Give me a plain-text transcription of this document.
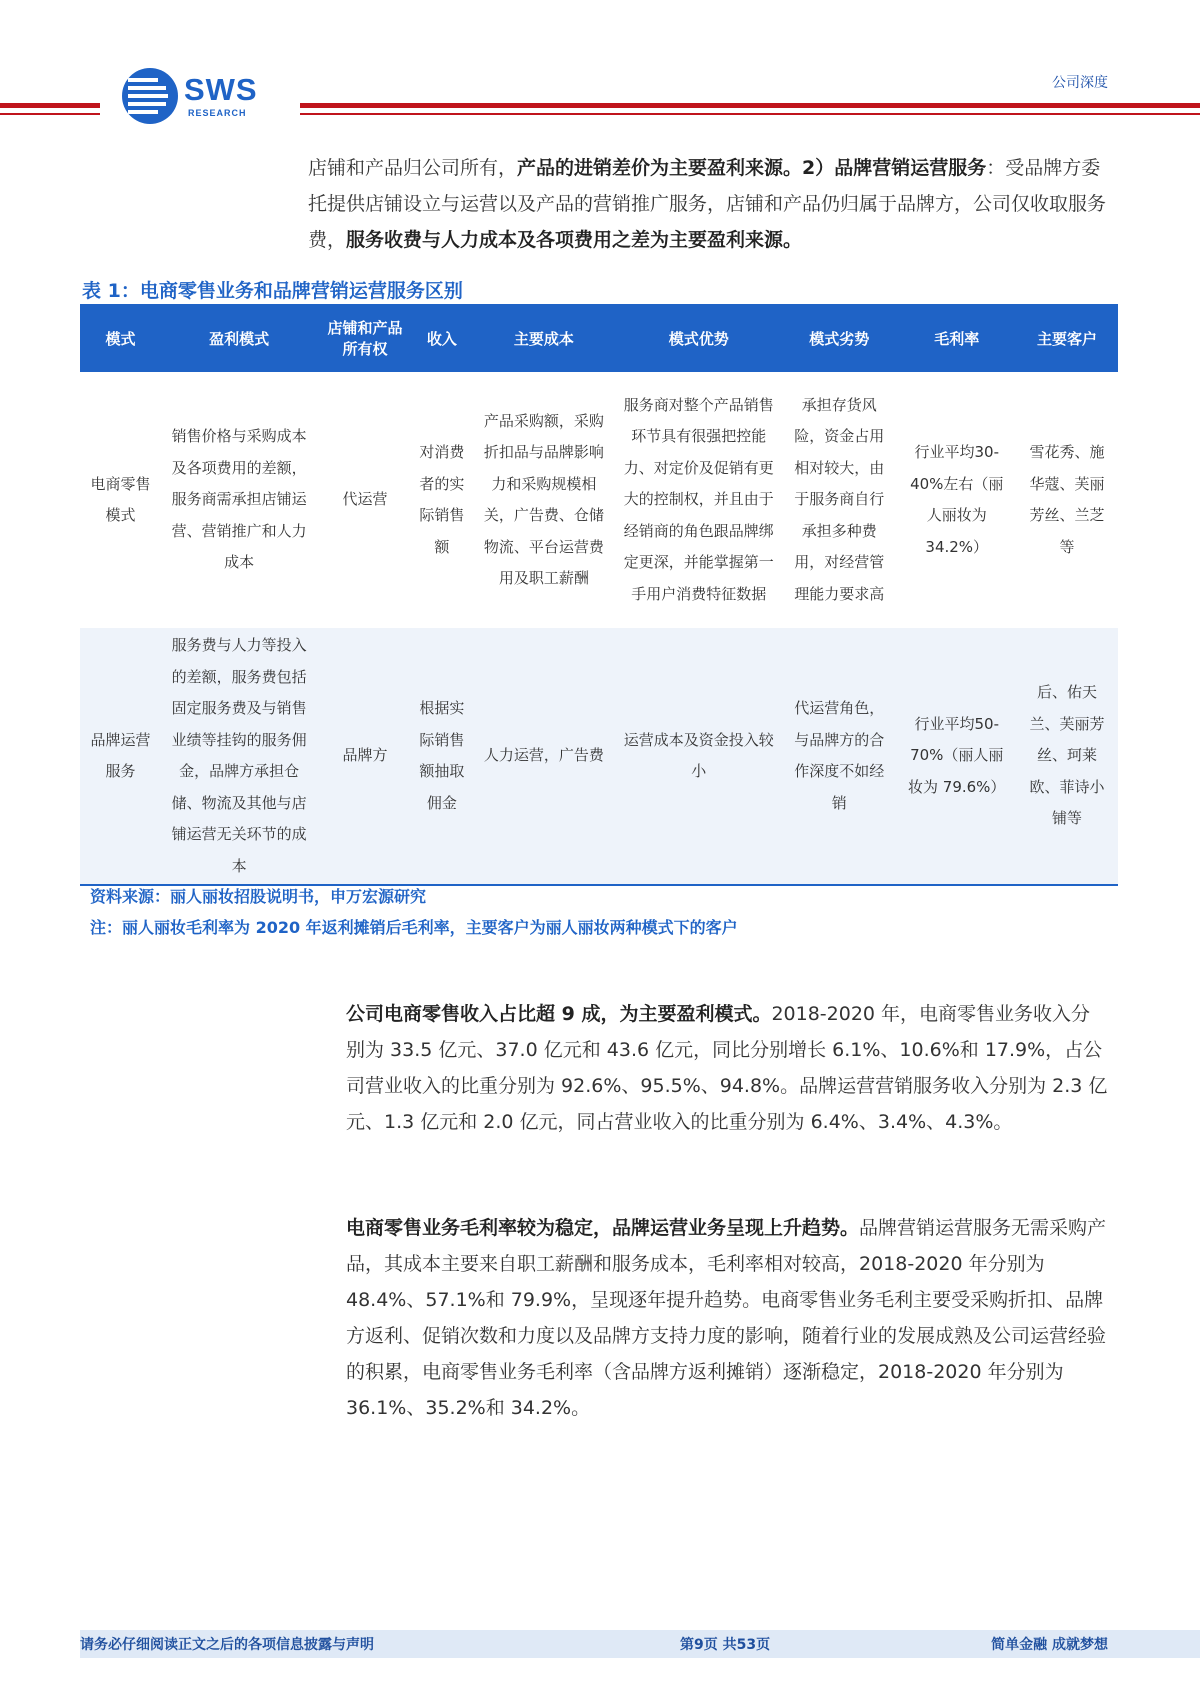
SWS
RESEARCH
公司深度

店铺和产品归公司所有，产品的进销差价为主要盈利来源。2）品牌营销运营服务：受品牌方委托提供店铺设立与运营以及产品的营销推广服务，店铺和产品仍归属于品牌方，公司仅收取服务费，服务收费与人力成本及各项费用之差为主要盈利来源。

表 1：电商零售业务和品牌营销运营服务区别
模式	盈利模式	店铺和产品所有权	收入	主要成本	模式优势	模式劣势	毛利率	主要客户
电商零售模式	销售价格与采购成本及各项费用的差额，服务商需承担店铺运营、营销推广和人力成本	代运营	对消费者的实际销售额	产品采购额，采购折扣品与品牌影响力和采购规模相关，广告费、仓储物流、平台运营费用及职工薪酬	服务商对整个产品销售环节具有很强把控能力、对定价及促销有更大的控制权，并且由于经销商的角色跟品牌绑定更深，并能掌握第一手用户消费特征数据	承担存货风险，资金占用相对较大，由于服务商自行承担多种费用，对经营管理能力要求高	行业平均30-40%左右（丽人丽妆为 34.2%）	雪花秀、施华蔻、芙丽芳丝、兰芝等
品牌运营服务	服务费与人力等投入的差额，服务费包括固定服务费及与销售业绩等挂钩的服务佣金，品牌方承担仓储、物流及其他与店铺运营无关环节的成本	品牌方	根据实际销售额抽取佣金	人力运营，广告费	运营成本及资金投入较小	代运营角色，与品牌方的合作深度不如经销	行业平均50-70%（丽人丽妆为 79.6%）	后、佑天兰、芙丽芳丝、珂莱欧、菲诗小铺等
资料来源：丽人丽妆招股说明书，申万宏源研究
注：丽人丽妆毛利率为 2020 年返利摊销后毛利率，主要客户为丽人丽妆两种模式下的客户

公司电商零售收入占比超 9 成，为主要盈利模式。2018-2020 年，电商零售业务收入分别为 33.5 亿元、37.0 亿元和 43.6 亿元，同比分别增长 6.1%、10.6%和 17.9%，占公司营业收入的比重分别为 92.6%、95.5%、94.8%。品牌运营营销服务收入分别为 2.3 亿元、1.3 亿元和 2.0 亿元，同占营业收入的比重分别为 6.4%、3.4%、4.3%。

电商零售业务毛利率较为稳定，品牌运营业务呈现上升趋势。品牌营销运营服务无需采购产品，其成本主要来自职工薪酬和服务成本，毛利率相对较高，2018-2020 年分别为 48.4%、57.1%和 79.9%，呈现逐年提升趋势。电商零售业务毛利主要受采购折扣、品牌方返利、促销次数和力度以及品牌方支持力度的影响，随着行业的发展成熟及公司运营经验的积累，电商零售业务毛利率（含品牌方返利摊销）逐渐稳定，2018-2020 年分别为 36.1%、35.2%和 34.2%。

请务必仔细阅读正文之后的各项信息披露与声明	第9页 共53页	简单金融 成就梦想
